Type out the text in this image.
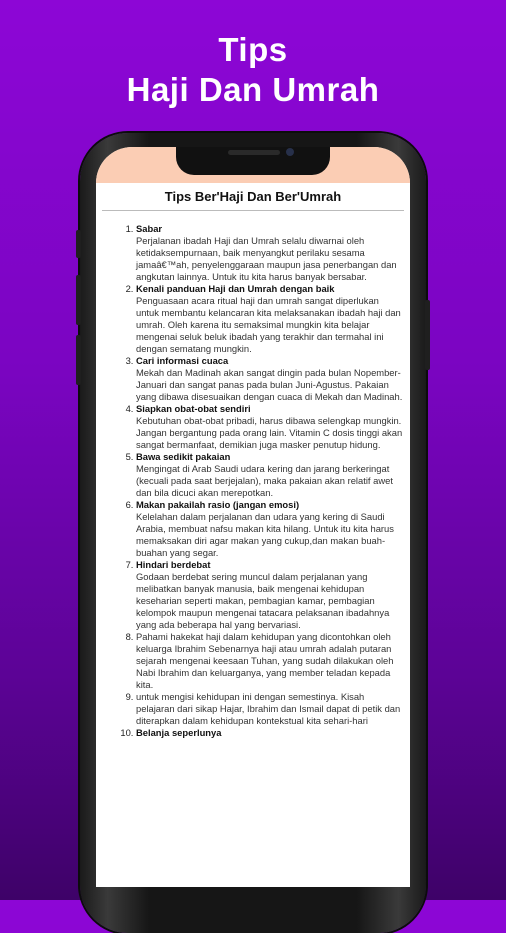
Tips
Haji Dan Umrah
Tips Ber'Haji Dan Ber'Umrah
1. Sabar
Perjalanan ibadah Haji dan Umrah selalu diwarnai oleh ketidaksempurnaan, baik menyangkut perilaku sesama jamaâ€™ah, penyelenggaraan maupun jasa penerbangan dan angkutan lainnya. Untuk itu kita harus banyak bersabar.
2. Kenali panduan Haji dan Umrah dengan baik
Penguasaan acara ritual haji dan umrah sangat diperlukan untuk membantu kelancaran kita melaksanakan ibadah haji dan umrah. Oleh karena itu semaksimal mungkin kita belajar mengenai seluk beluk ibadah yang terakhir dan termahal ini dengan sematang mungkin.
3. Cari informasi cuaca
Mekah dan Madinah akan sangat dingin pada bulan Nopember-Januari dan sangat panas pada bulan Juni-Agustus. Pakaian yang dibawa disesuaikan dengan cuaca di Mekah dan Madinah.
4. Siapkan obat-obat sendiri
Kebutuhan obat-obat pribadi, harus dibawa selengkap mungkin. Jangan bergantung pada orang lain. Vitamin C dosis tinggi akan sangat bermanfaat, demikian juga masker penutup hidung.
5. Bawa sedikit pakaian
Mengingat di Arab Saudi udara kering dan jarang berkeringat (kecuali pada saat berjejalan), maka pakaian akan relatif awet dan bila dicuci akan merepotkan.
6. Makan pakailah rasio (jangan emosi)
Kelelahan dalam perjalanan dan udara yang kering di Saudi Arabia, membuat nafsu makan kita hilang. Untuk itu kita harus memaksakan diri agar makan yang cukup,dan makan buah-buahan yang segar.
7. Hindari berdebat
Godaan berdebat sering muncul dalam perjalanan yang melibatkan banyak manusia, baik mengenai kehidupan keseharian seperti makan, pembagian kamar, pembagian kelompok maupun mengenai tatacara pelaksanan ibadahnya yang ada beberapa hal yang bervariasi.
8. Pahami hakekat haji dalam kehidupan yang dicontohkan oleh keluarga Ibrahim Sebenarnya haji atau umrah adalah putaran sejarah mengenai keesaan Tuhan, yang sudah dilakukan oleh Nabi Ibrahim dan keluarganya, yang member teladan kepada kita.
9. untuk mengisi kehidupan ini dengan semestinya. Kisah pelajaran dari sikap Hajar, Ibrahim dan Ismail dapat di petik dan diterapkan dalam kehidupan kontekstual kita sehari-hari
10. Belanja seperlunya
